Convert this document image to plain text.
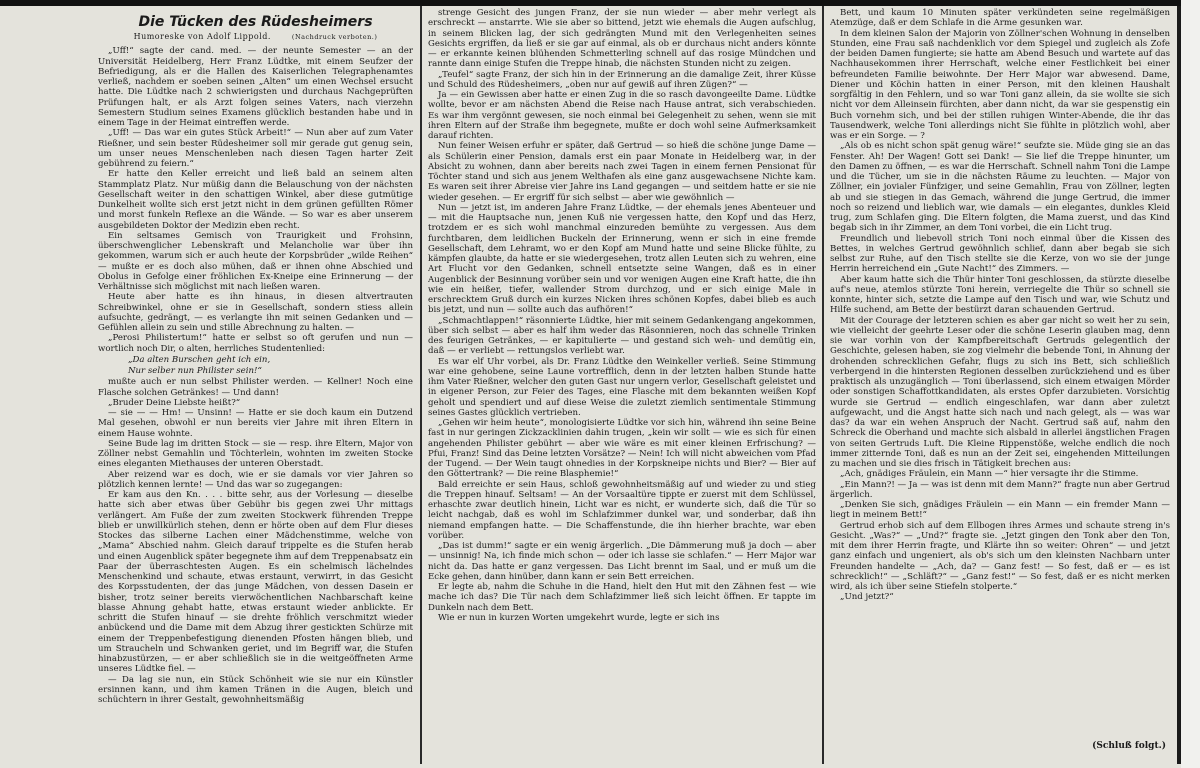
Die Tücken des Rüdesheimers
Humoreske von Adolf Lippold.	(Nachdruck verboten.)

„Uff!“ sagte der cand. med. — der neunte Semester — an der Universität Heidelberg, Herr Franz Lüdtke, mit einem Seufzer der Befriedigung, als er die Hallen des Kaiserlichen Telegraphenamtes verließ, nachdem er soeben seinen „Alten“ um einen Wechsel ersucht hatte. Die Lüdtke nach 2 schwierigsten und durchaus Nachgeprüften Prüfungen halt, er als Arzt folgen seines Vaters, nach vierzehn Semestern Studium seines Examens glücklich bestanden habe und in einem Tage in der Heimat eintreffen werde.

„Uff! — Das war ein gutes Stück Arbeit!“ — Nun aber auf zum Vater Rießner, und sein bester Rüdesheimer soll mir gerade gut genug sein, um unser neues Menschenleben nach diesen Tagen harter Zeit gebührend zu feiern.“

Er hatte den Keller erreicht und ließ bald an seinem alten Stammplatz Platz. Nur müßig dann die Belauschung von der nächsten Gesellschaft weiter in den schattigen Winkel, aber diese gutmütige Dunkelheit wollte sich erst jetzt nicht in dem grünen gefüllten Römer und morst funkeln Reflexe an die Wände. — So war es aber unserem ausgebildeten Doktor der Medizin eben recht.

Ein seltsames Gemisch von Traurigkeit und Frohsinn, überschwenglicher Lebenskraft und Melancholie war über ihn gekommen, warum sich er auch heute der Korpsbrüder „wilde Reihen“ — mußte er es doch also mühen, daß er ihnen ohne Abschied und Obolus in Gefolge einer fröhlichen Ex-Kneipe eine Erinnerung — der Verhältnisse sich möglichst mit nach ließen waren.

Heute aber hatte es ihn hinaus, in diesen altvertrauten Schreibwinkel, ohne er sie in Gesellschaft, sondern stiess allein aufsuchte, gedrängt, — es verlangte ihn mit seinen Gedanken und — Gefühlen allein zu sein und stille Abrechnung zu halten. —

„Perosi Philistertum!“ hatte er selbst so oft gerufen und nun — wortlich noch Dir, o alten, herrliches Studentenlied:

„Da alten Burschen geht ich ein,

Nur selber nun Philister sein!“

mußte auch er nun selbst Philister werden. — Kellner! Noch eine Flasche solchen Getränkes! — Und dann!

„Bruder Deine Liebste heißt?“

— sie — — Hm! — Unsinn! — Hatte er sie doch kaum ein Dutzend Mal gesehen, obwohl er nun bereits vier Jahre mit ihren Eltern in einem Hause wohnte.

Seine Bude lag im dritten Stock — sie — resp. ihre Eltern, Major von Zöllner nebst Gemahlin und Töchterlein, wohnten im zweiten Stocke eines eleganten Miethauses der unteren Oberstadt.

Aber reizend war es doch, wie er sie damals vor vier Jahren so plötzlich kennen lernte! — Und das war so zugegangen:

Er kam aus den Kn. . . . bitte sehr, aus der Vorlesung — dieselbe hatte sich aber etwas über Gebühr bis gegen zwei Uhr mittags verlängert. Am Fuße der zum zweiten Stockwerk führenden Treppe blieb er unwillkürlich stehen, denn er hörte oben auf dem Flur dieses Stockes das silberne Lachen einer Mädchenstimme, welche von „Mama“ Abschied nahm. Gleich darauf trippelte es die Stufen herab und einen Augenblick später begegnete ihm auf dem Treppenabsatz ein Paar der überraschtesten Augen. Es ein schelmisch lächelndes Menschenkind und schaute, etwas erstaunt, verwirrt, in das Gesicht des Korpsstudenten, der das junge Mädchen, von dessen Dasein er bisher, trotz seiner bereits vierwöchentlichen Nachbarschaft keine blasse Ahnung gehabt hatte, etwas erstaunt wieder anblickte. Er schritt die Stufen hinauf — sie drehte fröhlich verschmitzt wieder anbückend und die Dame mit dem Abzug ihrer gestickten Schürze mit einem der Treppenbefestigung dienenden Pfosten hängen blieb, und um Straucheln und Schwanken geriet, und im Begriff war, die Stufen hinabzustürzen, — er aber schließlich sie in die weitgeöffneten Arme unseres Lüdtke fiel. —

— Da lag sie nun, ein Stück Schönheit wie sie nur ein Künstler ersinnen kann, und ihm kamen Tränen in die Augen, bleich und schüchtern in ihrer Gestalt, gewohnheitsmäßig

strenge Gesicht des jungen Franz, der sie nun wieder — aber mehr verlegt als erschreckt — anstarrte. Wie sie aber so bittend, jetzt wie ehemals die Augen aufschlug, in seinem Blicken lag, der sich gedrängten Mund mit den Verlegenheiten seines Gesichts ergriffen, da ließ er sie gar auf einmal, als ob er durchaus nicht anders könnte — er erkannte keinen blühenden Schmetterling schnell auf das rosige Mündchen und rannte dann einige Stufen die Treppe hinab, die nächsten Stunden nicht zu zeigen.

„Teufel“ sagte Franz, der sich hin in der Erinnerung an die damalige Zeit, ihrer Küsse und Schuld des Rüdesheimers, „oben nur auf gewiß auf ihren Zügen?“ —

Ja — ein Gewissen aber hatte er einen Zug in die so rasch davongeeilte Dame. Lüdtke wollte, bevor er am nächsten Abend die Reise nach Hause antrat, sich verabschieden. Es war ihm vergönnt gewesen, sie noch einmal bei Gelegenheit zu sehen, wenn sie mit ihren Eltern auf der Straße ihm begegnete, mußte er doch wohl seine Aufmerksamkeit darauf richten.

Nun feiner Weisen erfuhr er später, daß Gertrud — so hieß die schöne junge Dame — als Schülerin einer Pension, damals erst ein paar Monate in Heidelberg war, in der Absicht zu wohnen, dann aber bereits nach zwei Tagen in einem fernen Pensionat für Töchter stand und sich aus jenem Welthafen als eine ganz ausgewachsene Nichte kam. Es waren seit ihrer Abreise vier Jahre ins Land gegangen — und seitdem hatte er sie nie wieder gesehen. — Er ergriff für sich selbst — aber wie gewöhnlich —

Nun — jetzt ist, im anderen Jahre Franz Lüdtke, — der ehemals jenes Abenteuer und — mit die Hauptsache nun, jenen Kuß nie vergessen hatte, den Kopf und das Herz, trotzdem er es sich wohl manchmal einzureden bemühte zu vergessen. Aus dem furchtbaren, dem leidlichen Buckeln der Erinnerung, wenn er sich in eine fremde Gesellschaft, dem Lehramt, wo er den Kopf am Mund hatte und seine Blicke fühlte, zu kämpfen glaubte, da hatte er sie wiedergesehen, trotz allen Leuten sich zu wehren, eine Art Flucht vor den Gedanken, schnell entsetzte seine Wangen, daß es in einer Augenblick der Besinnung vorüber sein und vor wenigen Augen eine Kraft hatte, die ihn wie ein heißer, tiefer, wallender Strom durchzog, und er sich einige Male in erschrecktem Gruß durch ein kurzes Nicken ihres schönen Kopfes, dabei blieb es auch bis jetzt, und nun — sollte auch das aufhören!“

„Schmachtlappen!“ räsonnierte Lüdtke, hier mit seinem Gedankengang angekommen, über sich selbst — aber es half ihm weder das Räsonnieren, noch das schnelle Trinken des feurigen Getränkes, — er kapitulierte — und gestand sich weh- und demütig ein, daß — er verliebt — rettungslos verliebt war.

Es war elf Uhr vorbei, als Dr. Franz Lüdtke den Weinkeller verließ. Seine Stimmung war eine gehobene, seine Laune vortrefflich, denn in der letzten halben Stunde hatte ihm Vater Rießner, welcher den guten Gast nur ungern verlor, Gesellschaft geleistet und in eigener Person, zur Feier des Tages, eine Flasche mit dem bekannten weißen Kopf geholt und spendiert und auf diese Weise die zuletzt ziemlich sentimentale Stimmung seines Gastes glücklich vertrieben.

„Gehen wir heim heute“, monologisierte Lüdtke vor sich hin, während ihn seine Beine fast in nur geringen Zickzacklinien dahin trugen, „kein wir sollt — wie es sich für einen angehenden Philister gebührt — aber wie wäre es mit einer kleinen Erfrischung? — Pfui, Franz! Sind das Deine letzten Vorsätze? — Nein! Ich will nicht abweichen vom Pfad der Tugend. — Der Wein taugt ohnedies in der Korpskneipe nichts und Bier? — Bier auf den Göttertrank? — Die reine Blasphemie!“

Bald erreichte er sein Haus, schloß gewohnheitsmäßig auf und wieder zu und stieg die Treppen hinauf. Seltsam! — An der Vorsaaltüre tippte er zuerst mit dem Schlüssel, erhaschte zwar deutlich hinein, Licht war es nicht, er wunderte sich, daß die Tür so leicht nachgab, daß es wohl im Schlafzimmer dunkel war, und sonderbar, daß ihn niemand empfangen hatte. — Die Schaffenstunde, die ihn hierher brachte, war eben vorüber.

„Das ist dumm!“ sagte er ein wenig ärgerlich. „Die Dämmerung muß ja doch — aber — unsinnig! Na, ich finde mich schon — oder ich lasse sie schlafen.“ — Herr Major war nicht da. Das hatte er ganz vergessen. Das Licht brennt im Saal, und er muß um die Ecke gehen, dann hinüber, dann kann er sein Bett erreichen.

Er legte ab, nahm die Schuhe in die Hand, hielt den Hut mit den Zähnen fest — wie mache ich das? Die Tür nach dem Schlafzimmer ließ sich leicht öffnen. Er tappte im Dunkeln nach dem Bett.

Wie er nun in kurzen Worten umgekehrt wurde, legte er sich ins

Bett, und kaum 10 Minuten später verkündeten seine regelmäßigen Atemzüge, daß er dem Schlafe in die Arme gesunken war.

In dem kleinen Salon der Majorin von Zöllner'schen Wohnung in denselben Stunden, eine Frau saß nachdenklich vor dem Spiegel und zugleich als Zofe der beiden Damen fungierte; sie hatte am Abend Besuch und wartete auf das Nachhausekommen ihrer Herrschaft, welche einer Festlichkeit bei einer befreundeten Familie beiwohnte. Der Herr Major war abwesend. Dame, Diener und Köchin hatten in einer Person, mit den kleinen Haushalt sorgfältig in den Fehlern, und so war Toni ganz allein, da sie wollte sie sich nicht vor dem Alleinsein fürchten, aber dann nicht, da war sie gespenstig ein Buch vornehm sich, und bei der stillen ruhigen Winter-Abende, die ihr das Tausendwerk, welche Toni allerdings nicht Sie fühlte in plötzlich wohl, aber was er ein Sorge. — ?

„Als ob es nicht schon spät genug wäre!“ seufzte sie. Müde ging sie an das Fenster. Ah! Der Wagen! Gott sei Dank! — Sie lief die Treppe hinunter, um den Damen zu öffnen, — es war die Herrschaft. Schnell nahm Toni die Lampe und die Tücher, um sie in die nächsten Räume zu leuchten. — Major von Zöllner, ein jovialer Fünfziger, und seine Gemahlin, Frau von Zöllner, legten ab und sie stiegen in das Gemach, während die junge Gertrud, die immer noch so reizend und lieblich war, wie damals — ein elegantes, dunkles Kleid trug, zum Schlafen ging. Die Eltern folgten, die Mama zuerst, und das Kind begab sich in ihr Zimmer, an dem Toni vorbei, die ein Licht trug.

Freundlich und liebevoll strich Toni noch einmal über die Kissen des Bettes, in welches Gertrud gewöhnlich schlief, dann aber begab sie sich selbst zur Ruhe, auf den Tisch stellte sie die Kerze, von wo sie der junge Herrin herreichend ein „Gute Nacht!“ des Zimmers. —

Aber kaum hatte sich die Thür hinter Toni geschlossen, da stürzte dieselbe auf's neue, atemlos stürzte Toni herein, verriegelte die Thür so schnell sie konnte, hinter sich, setzte die Lampe auf den Tisch und war, wie Schutz und Hilfe suchend, am Bette der bestürzt daran schauenden Gertrud.

Mit der Courage der letzteren schien es aber gar nicht so weit her zu sein, wie vielleicht der geehrte Leser oder die schöne Leserin glauben mag, denn sie war vorhin von der Kampfbereitschaft Gertruds gelegentlich der Geschichte, gelesen haben, sie zog vielmehr die bebende Toni, in Ahnung der drohenden schrecklichen Gefahr, flugs zu sich ins Bett, sich schließlich verbergend in die hintersten Regionen desselben zurückziehend und es über praktisch als unzugänglich — Toni überlassend, sich einem etwaigen Mörder oder sonstigen Schaffottkandidaten, als erstes Opfer darzubieten. Vorsichtig wurde sie Gertrud — endlich eingeschlafen, war dann aber zuletzt aufgewacht, und die Angst hatte sich nach und nach gelegt, als — was war das? da war ein wehen Anspruch der Nacht. Gertrud saß auf, nahm den Schreck die Oberhand und machte sich alsbald in allerlei ängstlichen Fragen von seiten Gertruds Luft. Die Kleine Rippenstöße, welche endlich die noch immer zitternde Toni, daß es nun an der Zeit sei, eingehenden Mitteilungen zu machen und sie dies frisch in Tätigkeit brechen aus:

„Ach, gnädiges Fräulein, ein Mann —“ hier versagte ihr die Stimme.

„Ein Mann?! — Ja — was ist denn mit dem Mann?“ fragte nun aber Gertrud ärgerlich.

„Denken Sie sich, gnädiges Fräulein — ein Mann — ein fremder Mann — liegt in meinem Bett!“

Gertrud erhob sich auf dem Ellbogen ihres Armes und schaute streng in's Gesicht. „Was?“ — „Und?“ fragte sie. „Jetzt gingen den Tonk aber den Ton, mit dem ihrer Herrin fragte, und Klärte ihn so weiter: Ohren“ — und jetzt ganz einfach und ungeniert, als ob's sich um den kleinsten Nachbarn unter Freunden handelte — „Ach, da? — Ganz fest! — So fest, daß er — es ist schrecklich!“ — „Schläft?“ — „Ganz fest!“ — So fest, daß er es nicht merken wird, als ich über seine Stiefeln stolperte.“

„Und jetzt?“

(Schluß folgt.)
